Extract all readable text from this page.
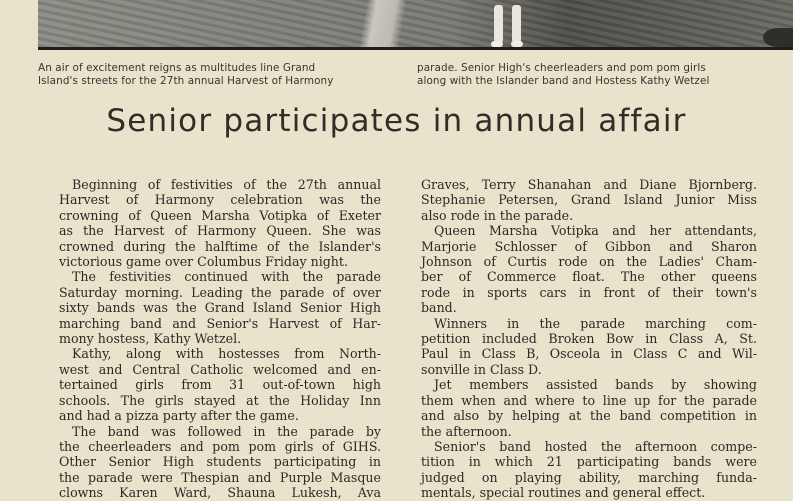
An air of excitement reigns as multitudes line Grand
Island's streets for the 27th annual Harvest of Harmony
parade. Senior High's cheerleaders and pom pom girls
along with the Islander band and Hostess Kathy Wetzel
Senior participates in annual affair
Beginning of festivities of the 27th annual
Harvest of Harmony celebration was the
crowning of Queen Marsha Votipka of Exeter
as the Harvest of Harmony Queen. She was
crowned during the halftime of the Islander's
victorious game over Columbus Friday night.
The festivities continued with the parade
Saturday morning. Leading the parade of over
sixty bands was the Grand Island Senior High
marching band and Senior's Harvest of Har-
mony hostess, Kathy Wetzel.
Kathy, along with hostesses from North-
west and Central Catholic welcomed and en-
tertained girls from 31 out-of-town high
schools. The girls stayed at the Holiday Inn
and had a pizza party after the game.
The band was followed in the parade by
the cheerleaders and pom pom girls of GIHS.
Other Senior High students participating in
the parade were Thespian and Purple Masque
clowns Karen Ward, Shauna Lukesh, Ava
Graves, Terry Shanahan and Diane Bjornberg.
Stephanie Petersen, Grand Island Junior Miss
also rode in the parade.
Queen Marsha Votipka and her attendants,
Marjorie Schlosser of Gibbon and Sharon
Johnson of Curtis rode on the Ladies' Cham-
ber of Commerce float. The other queens
rode in sports cars in front of their town's
band.
Winners in the parade marching com-
petition included Broken Bow in Class A, St.
Paul in Class B, Osceola in Class C and Wil-
sonville in Class D.
Jet members assisted bands by showing
them when and where to line up for the parade
and also by helping at the band competition in
the afternoon.
Senior's band hosted the afternoon compe-
tition in which 21 participating bands were
judged on playing ability, marching funda-
mentals, special routines and general effect.
